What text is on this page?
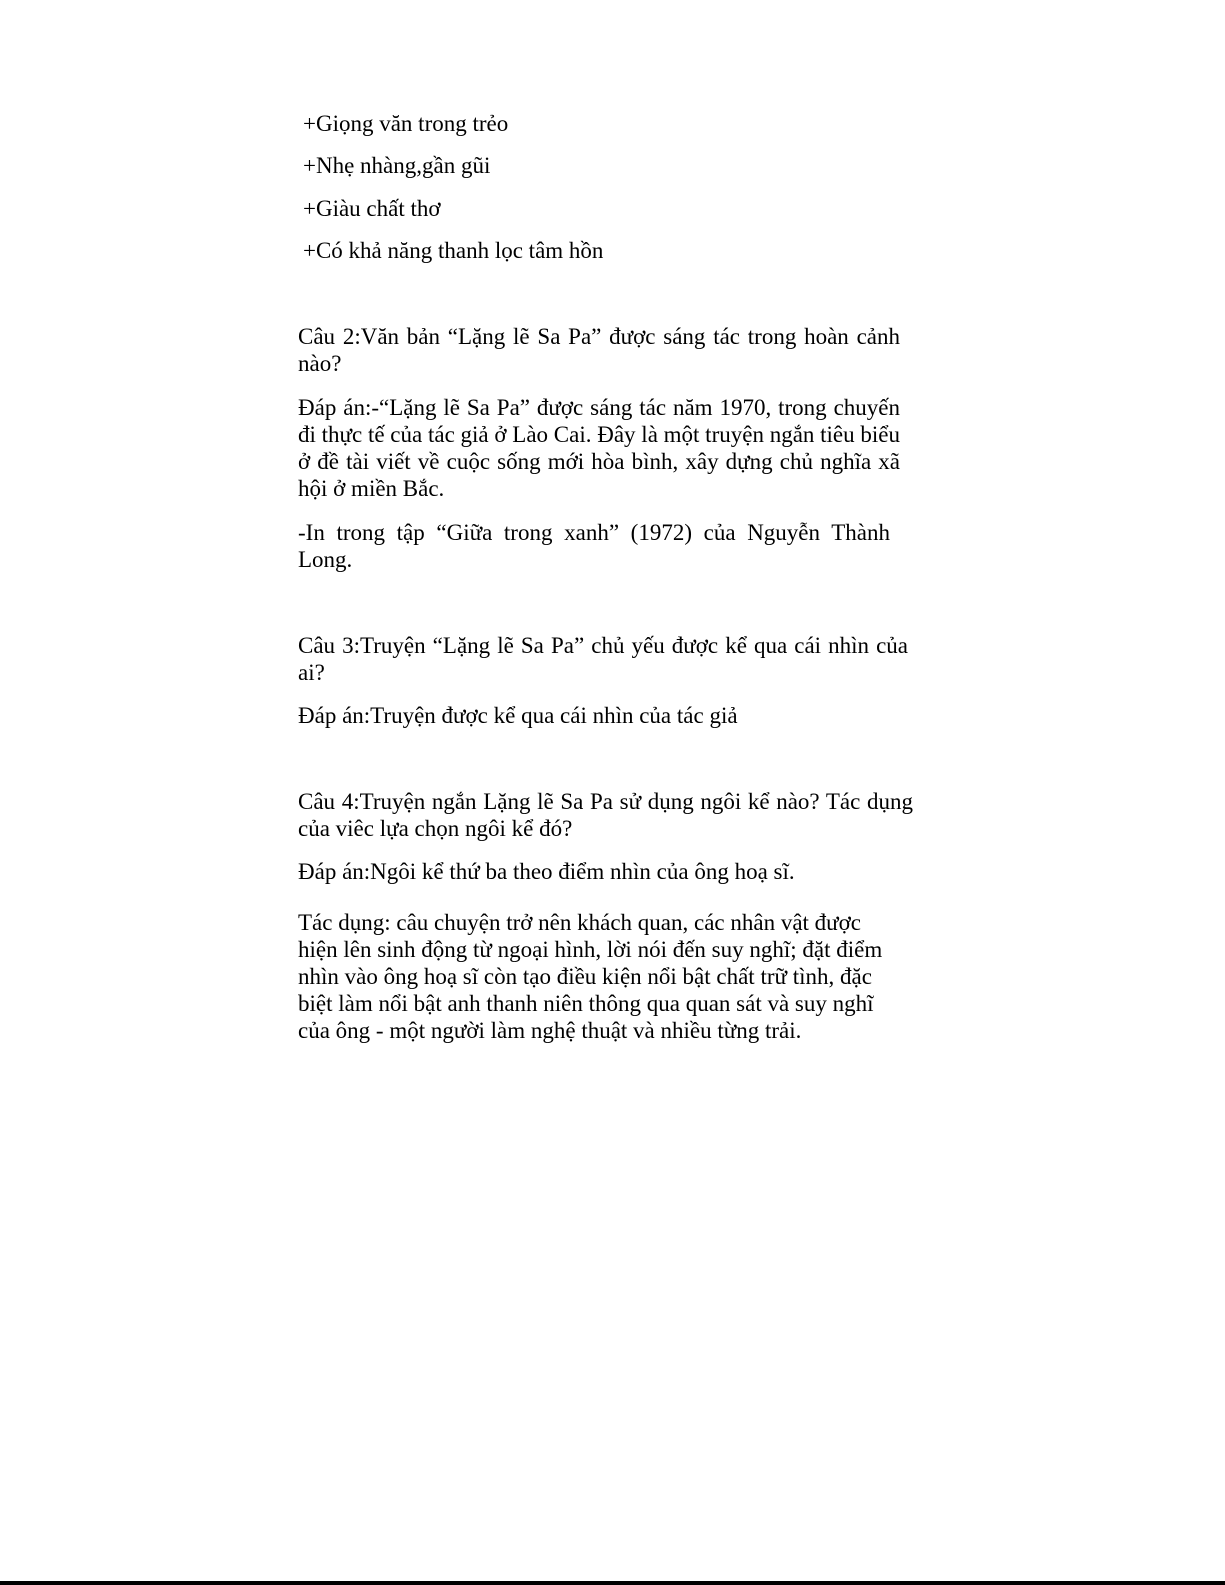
+Giọng văn trong trẻo
+Nhẹ nhàng,gần gũi
+Giàu chất thơ
+Có khả năng thanh lọc tâm hồn
Câu 2:Văn bản “Lặng lẽ Sa Pa” được sáng tác trong hoàn cảnh nào?
Đáp án:-“Lặng lẽ Sa Pa” được sáng tác năm 1970, trong chuyến đi thực tế của tác giả ở Lào Cai. Đây là một truyện ngắn tiêu biểu ở đề tài viết về cuộc sống mới hòa bình, xây dựng chủ nghĩa xã hội ở miền Bắc.
-In trong tập “Giữa trong xanh” (1972) của Nguyễn Thành Long.
Câu 3:Truyện “Lặng lẽ Sa Pa” chủ yếu được kể qua cái nhìn của ai?
Đáp án:Truyện được kể qua cái nhìn của tác giả
Câu 4:Truyện ngắn Lặng lẽ Sa Pa sử dụng ngôi kể nào? Tác dụng của viêc lựa chọn ngôi kể đó?
Đáp án:Ngôi kể thứ ba theo điểm nhìn của ông hoạ sĩ.
Tác dụng: câu chuyện trở nên khách quan, các nhân vật được hiện lên sinh động từ ngoại hình, lời nói đến suy nghĩ; đặt điểm nhìn vào ông hoạ sĩ còn tạo điều kiện nổi bật chất trữ tình, đặc biệt làm nổi bật anh thanh niên thông qua quan sát và suy nghĩ của ông - một người làm nghệ thuật và nhiều từng trải.
